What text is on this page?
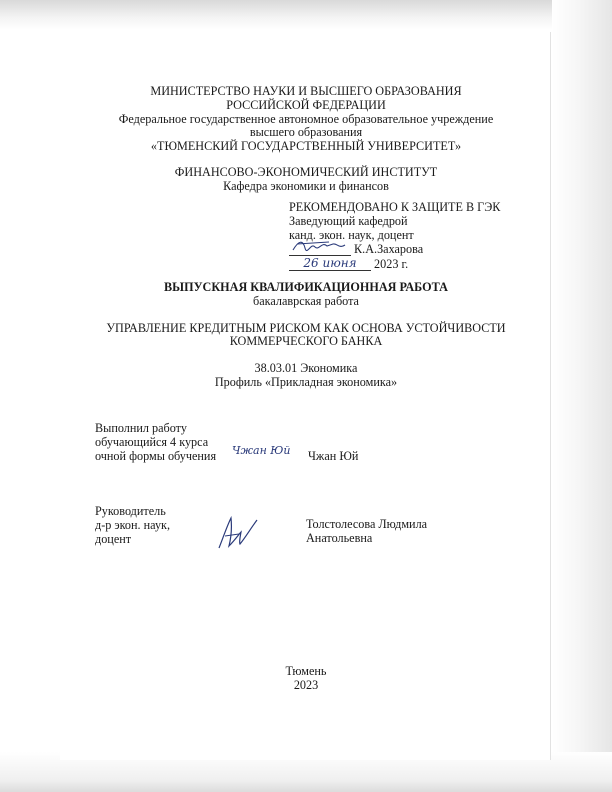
МИНИСТЕРСТВО НАУКИ И ВЫСШЕГО ОБРАЗОВАНИЯ
РОССИЙСКОЙ ФЕДЕРАЦИИ
Федеральное государственное автономное образовательное учреждение
высшего образования
«ТЮМЕНСКИЙ ГОСУДАРСТВЕННЫЙ УНИВЕРСИТЕТ»
ФИНАНСОВО-ЭКОНОМИЧЕСКИЙ ИНСТИТУТ
Кафедра экономики и финансов
РЕКОМЕНДОВАНО К ЗАЩИТЕ В ГЭК
Заведующий кафедрой
канд. экон. наук, доцент
К.А.Захарова
26 июня 2023 г.
ВЫПУСКНАЯ КВАЛИФИКАЦИОННАЯ РАБОТА
бакалаврская работа
УПРАВЛЕНИЕ КРЕДИТНЫМ РИСКОМ КАК ОСНОВА УСТОЙЧИВОСТИ
КОММЕРЧЕСКОГО БАНКА
38.03.01 Экономика
Профиль «Прикладная экономика»
Выполнил работу
обучающийся 4 курса
очной формы обучения Чжан Юй Чжан Юй
Руководитель
д-р экон. наук,
доцент
Толстолесова Людмила
Анатольевна
Тюмень
2023
